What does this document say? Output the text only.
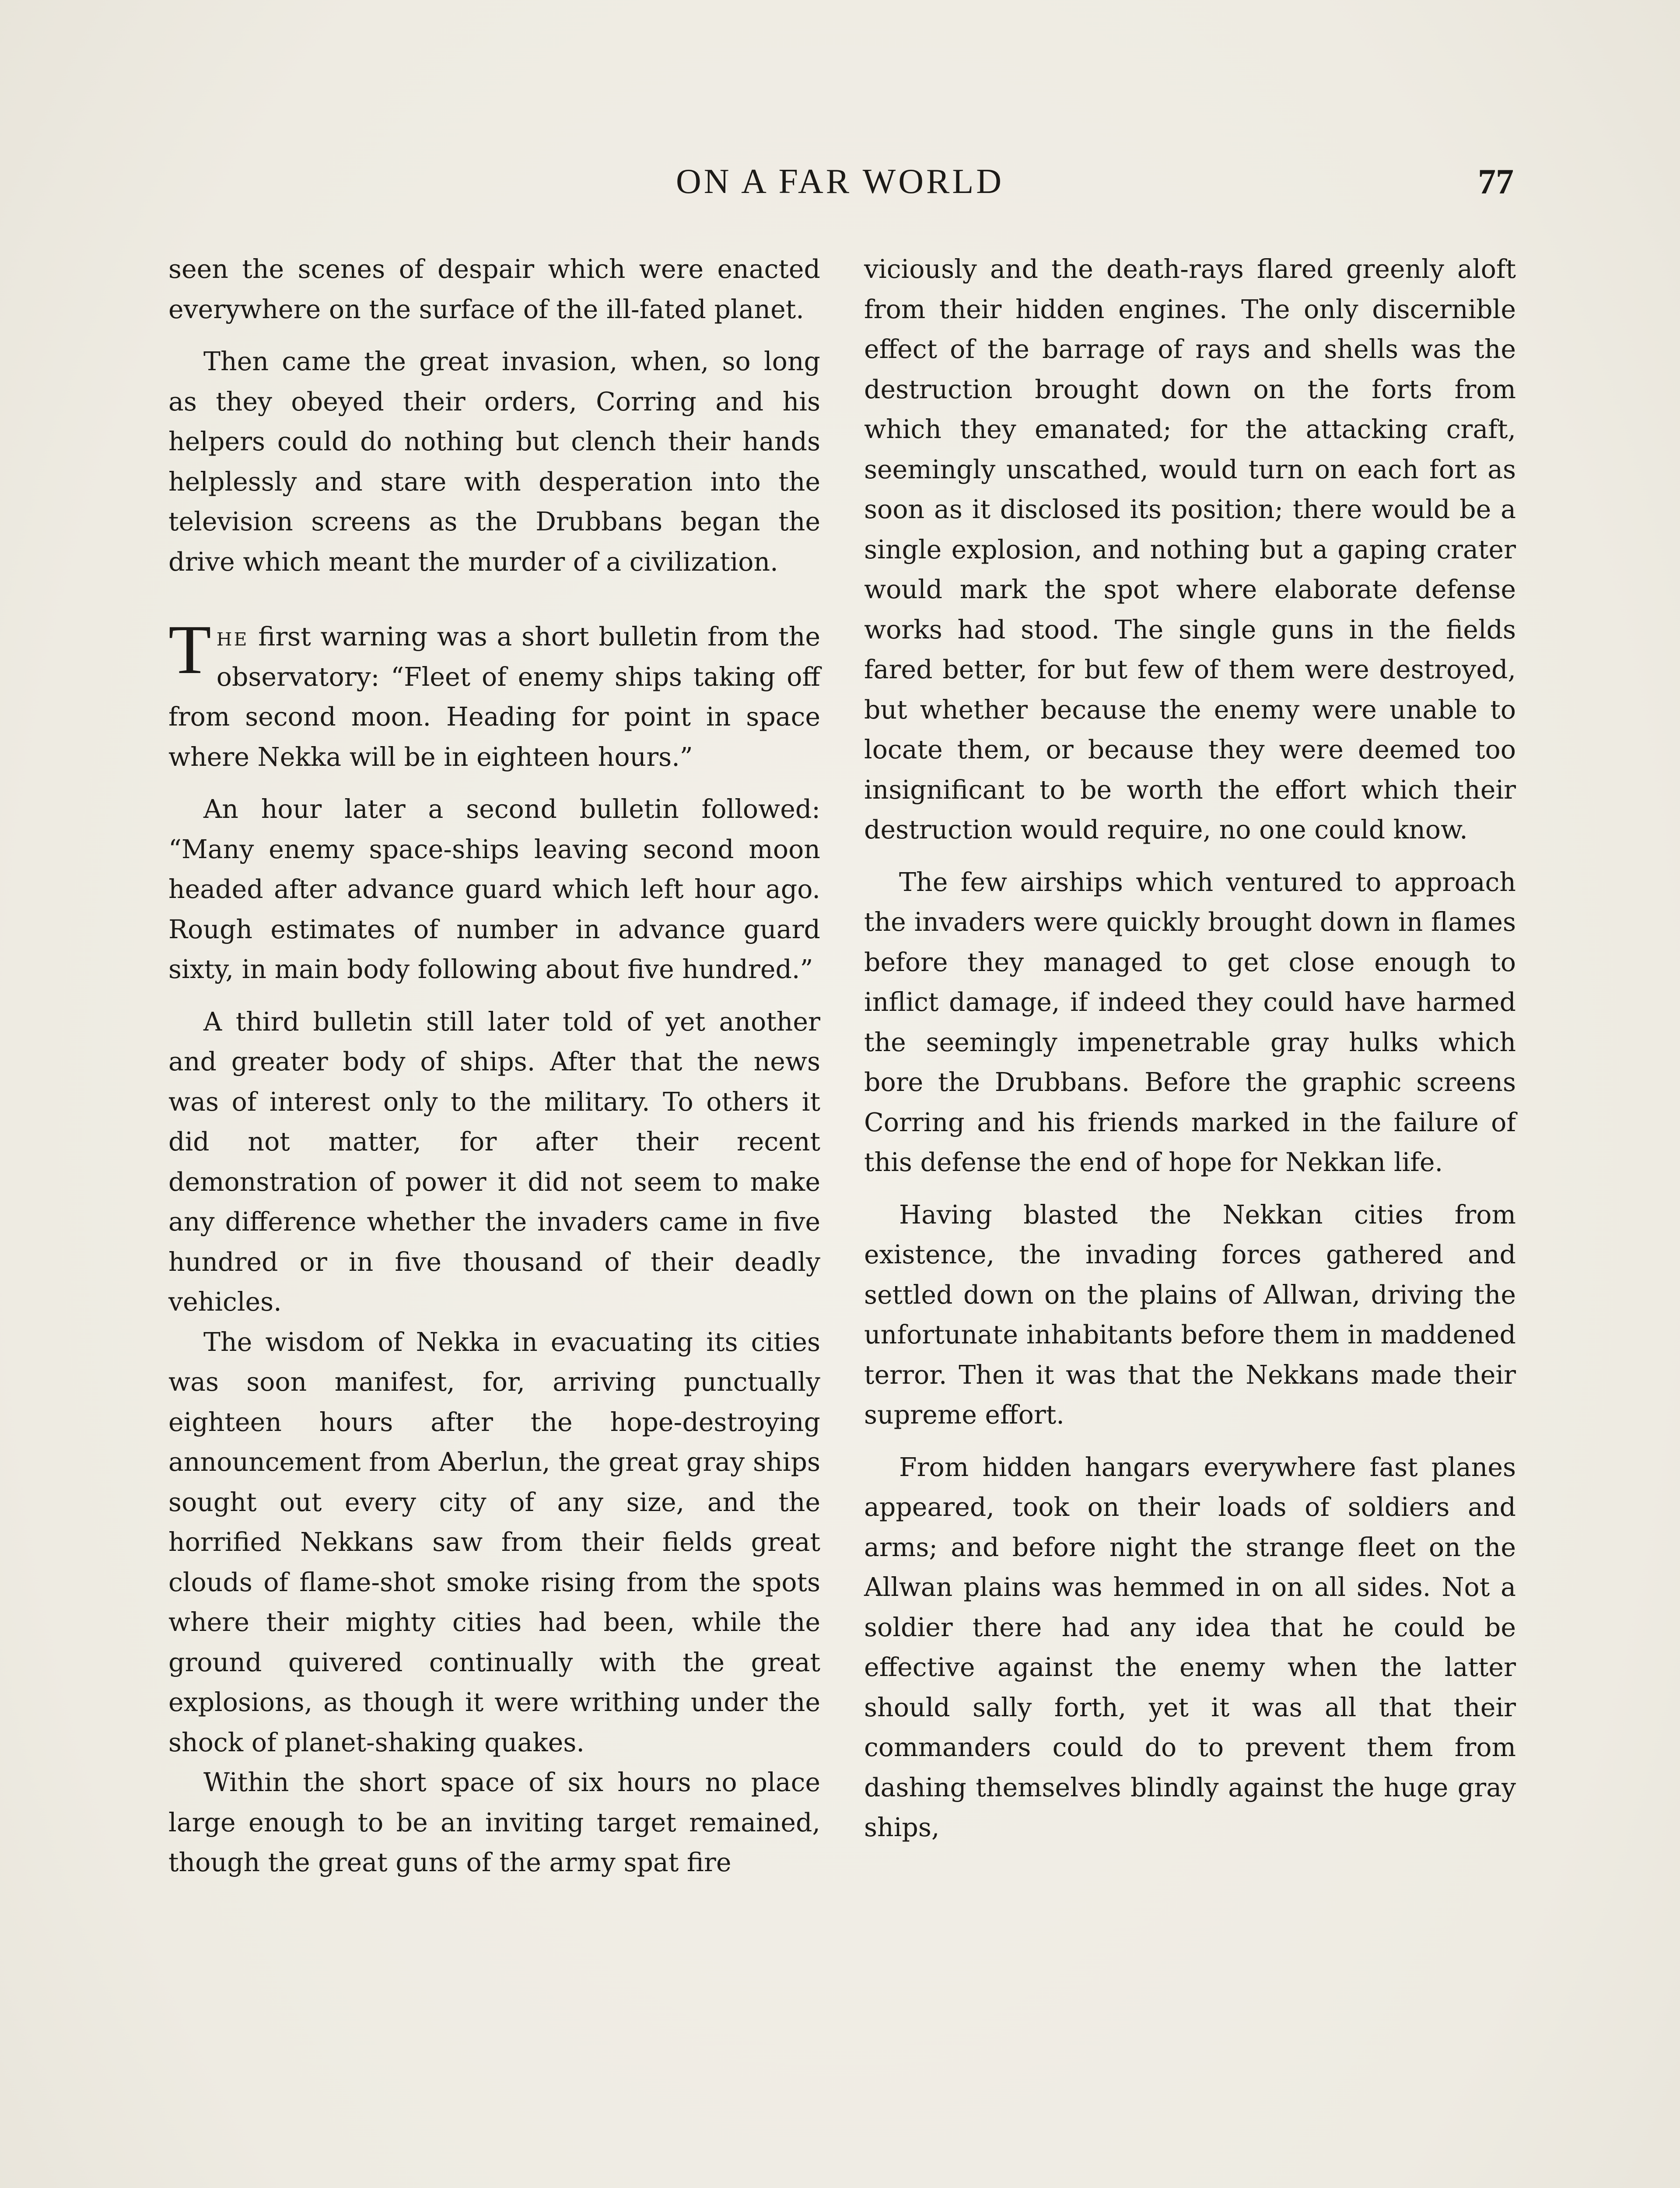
ON A FAR WORLD	77

seen the scenes of despair which were enacted everywhere on the surface of the ill-fated planet.

Then came the great invasion, when, so long as they obeyed their orders, Corring and his helpers could do nothing but clench their hands helplessly and stare with desperation into the television screens as the Drubbans began the drive which meant the murder of a civilization.

The first warning was a short bulletin from the observatory: “Fleet of enemy ships taking off from second moon. Heading for point in space where Nekka will be in eighteen hours.”

An hour later a second bulletin followed: “Many enemy space-ships leaving second moon headed after advance guard which left hour ago. Rough estimates of number in advance guard sixty, in main body following about five hundred.”

A third bulletin still later told of yet another and greater body of ships. After that the news was of interest only to the military. To others it did not matter, for after their recent demonstration of power it did not seem to make any difference whether the invaders came in five hundred or in five thousand of their deadly vehicles.

The wisdom of Nekka in evacuating its cities was soon manifest, for, arriving punctually eighteen hours after the hope-destroying announcement from Aberlun, the great gray ships sought out every city of any size, and the horrified Nekkans saw from their fields great clouds of flame-shot smoke rising from the spots where their mighty cities had been, while the ground quivered continually with the great explosions, as though it were writhing under the shock of planet-shaking quakes.

Within the short space of six hours no place large enough to be an inviting target remained, though the great guns of the army spat fire

viciously and the death-rays flared greenly aloft from their hidden engines. The only discernible effect of the barrage of rays and shells was the destruction brought down on the forts from which they emanated; for the attacking craft, seemingly unscathed, would turn on each fort as soon as it disclosed its position; there would be a single explosion, and nothing but a gaping crater would mark the spot where elaborate defense works had stood. The single guns in the fields fared better, for but few of them were destroyed, but whether because the enemy were unable to locate them, or because they were deemed too insignificant to be worth the effort which their destruction would require, no one could know.

The few airships which ventured to approach the invaders were quickly brought down in flames before they managed to get close enough to inflict damage, if indeed they could have harmed the seemingly impenetrable gray hulks which bore the Drubbans. Before the graphic screens Corring and his friends marked in the failure of this defense the end of hope for Nekkan life.

Having blasted the Nekkan cities from existence, the invading forces gathered and settled down on the plains of Allwan, driving the unfortunate inhabitants before them in maddened terror. Then it was that the Nekkans made their supreme effort.

From hidden hangars everywhere fast planes appeared, took on their loads of soldiers and arms; and before night the strange fleet on the Allwan plains was hemmed in on all sides. Not a soldier there had any idea that he could be effective against the enemy when the latter should sally forth, yet it was all that their commanders could do to prevent them from dashing themselves blindly against the huge gray ships,
